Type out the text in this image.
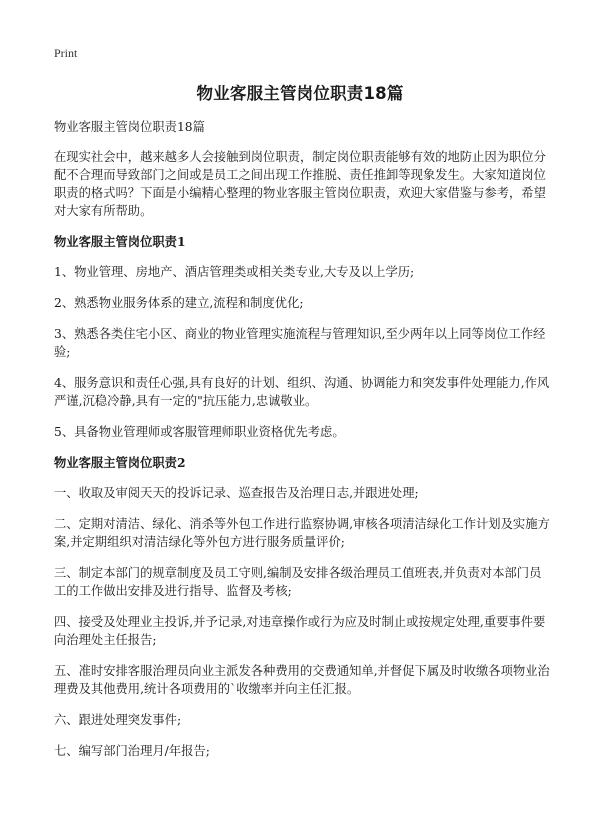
Print
物业客服主管岗位职责18篇

物业客服主管岗位职责18篇

在现实社会中，越来越多人会接触到岗位职责，制定岗位职责能够有效的地防止因为职位分配不合理而导致部门之间或是员工之间出现工作推脱、责任推卸等现象发生。大家知道岗位职责的格式吗？下面是小编精心整理的物业客服主管岗位职责，欢迎大家借鉴与参考，希望对大家有所帮助。

物业客服主管岗位职责1

1、物业管理、房地产、酒店管理类或相关类专业,大专及以上学历;

2、熟悉物业服务体系的建立,流程和制度优化;

3、熟悉各类住宅小区、商业的物业管理实施流程与管理知识,至少两年以上同等岗位工作经验;

4、服务意识和责任心强,具有良好的计划、组织、沟通、协调能力和突发事件处理能力,作风严谨,沉稳冷静,具有一定的"抗压能力,忠诚敬业。

5、具备物业管理师或客服管理师职业资格优先考虑。

物业客服主管岗位职责2

一、收取及审阅天天的投诉记录、巡查报告及治理日志,并跟进处理;

二、定期对清洁、绿化、消杀等外包工作进行监察协调,审核各项清洁绿化工作计划及实施方案,并定期组织对清洁绿化等外包方进行服务质量评价;

三、制定本部门的规章制度及员工守则,编制及安排各级治理员工值班表,并负责对本部门员工的工作做出安排及进行指导、监督及考核;

四、接受及处理业主投诉,并予记录,对违章操作或行为应及时制止或按规定处理,重要事件要向治理处主任报告;

五、准时安排客服治理员向业主派发各种费用的交费通知单,并督促下属及时收缴各项物业治理费及其他费用,统计各项费用的`收缴率并向主任汇报。

六、跟进处理突发事件;

七、编写部门治理月/年报告;
